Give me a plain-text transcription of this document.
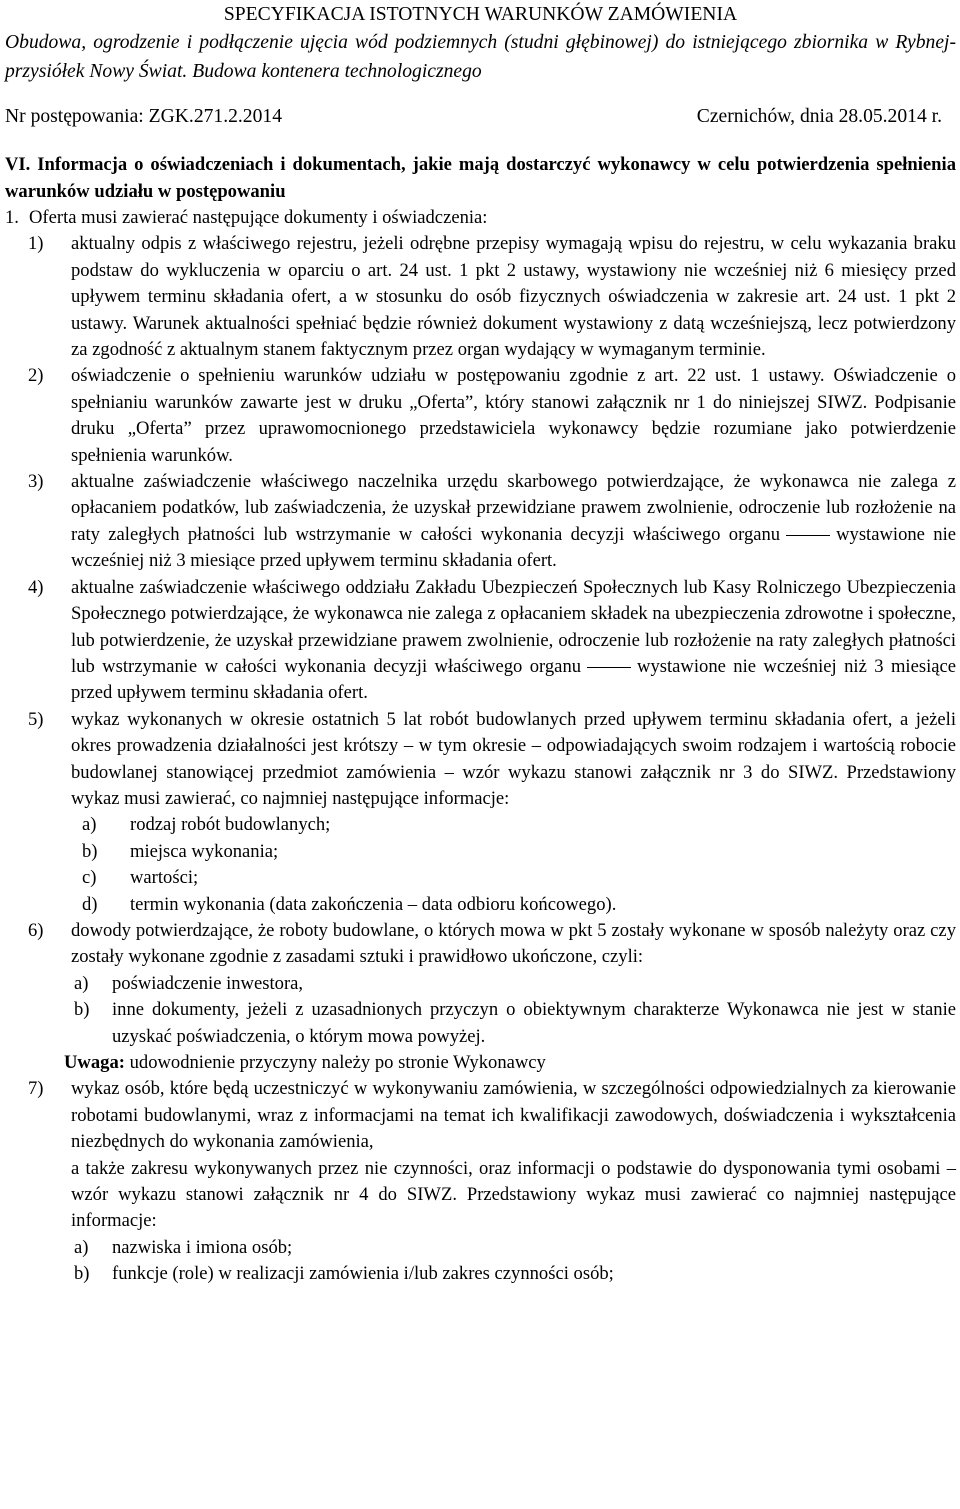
SPECYFIKACJA ISTOTNYCH WARUNKÓW ZAMÓWIENIA
Obudowa, ogrodzenie i podłączenie ujęcia wód podziemnych (studni głębinowej) do istniejącego zbiornika w Rybnej- przysiółek Nowy Świat. Budowa kontenera technologicznego
Nr postępowania: ZGK.271.2.2014	Czernichów, dnia 28.05.2014 r.
VI. Informacja o oświadczeniach i dokumentach, jakie mają dostarczyć wykonawcy w celu potwierdzenia spełnienia warunków udziału w postępowaniu
1. Oferta musi zawierać następujące dokumenty i oświadczenia:
1)	aktualny odpis z właściwego rejestru, jeżeli odrębne przepisy wymagają wpisu do rejestru, w celu wykazania braku podstaw do wykluczenia w oparciu o art. 24 ust. 1 pkt 2 ustawy, wystawiony nie wcześniej niż 6 miesięcy przed upływem terminu składania ofert, a w stosunku do osób fizycznych oświadczenia w zakresie art. 24 ust. 1 pkt 2 ustawy. Warunek aktualności spełniać będzie również dokument wystawiony z datą wcześniejszą, lecz potwierdzony za zgodność z aktualnym stanem faktycznym przez organ wydający w wymaganym terminie.
2)	oświadczenie o spełnieniu warunków udziału w postępowaniu zgodnie z art. 22 ust. 1 ustawy. Oświadczenie o spełnianiu warunków zawarte jest w druku „Oferta”, który stanowi załącznik nr 1 do niniejszej SIWZ. Podpisanie druku „Oferta” przez uprawomocnionego przedstawiciela wykonawcy będzie rozumiane jako potwierdzenie spełnienia warunków.
3)	aktualne zaświadczenie właściwego naczelnika urzędu skarbowego potwierdzające, że wykonawca nie zalega z opłacaniem podatków, lub zaświadczenia, że uzyskał przewidziane prawem zwolnienie, odroczenie lub rozłożenie na raty zaległych płatności lub wstrzymanie w całości wykonania decyzji właściwego organu	wystawione nie wcześniej niż 3 miesiące przed upływem terminu składania ofert.
4)	aktualne zaświadczenie właściwego oddziału Zakładu Ubezpieczeń Społecznych lub Kasy Rolniczego Ubezpieczenia Społecznego potwierdzające, że wykonawca nie zalega z opłacaniem składek na ubezpieczenia zdrowotne i społeczne, lub potwierdzenie, że uzyskał przewidziane prawem zwolnienie, odroczenie lub rozłożenie na raty zaległych płatności lub wstrzymanie w całości wykonania decyzji właściwego organu	wystawione nie wcześniej niż 3 miesiące przed upływem terminu składania ofert.
5)	wykaz wykonanych w okresie ostatnich 5 lat robót budowlanych przed upływem terminu składania ofert, a jeżeli okres prowadzenia działalności jest krótszy – w tym okresie – odpowiadających swoim rodzajem i wartością robocie budowlanej stanowiącej przedmiot zamówienia – wzór wykazu stanowi załącznik nr 3 do SIWZ. Przedstawiony wykaz musi zawierać, co najmniej następujące informacje:
a)	rodzaj robót budowlanych;
b)	miejsca wykonania;
c)	wartości;
d)	termin wykonania (data zakończenia – data odbioru końcowego).
6)	dowody potwierdzające, że roboty budowlane, o których mowa w pkt 5 zostały wykonane w sposób należyty oraz czy zostały wykonane zgodnie z zasadami sztuki i prawidłowo ukończone, czyli:
a)	poświadczenie inwestora,
b)	inne dokumenty, jeżeli z uzasadnionych przyczyn o obiektywnym charakterze Wykonawca nie jest w stanie uzyskać poświadczenia, o którym mowa powyżej.
Uwaga: udowodnienie przyczyny należy po stronie Wykonawcy
7)	wykaz osób, które będą uczestniczyć w wykonywaniu zamówienia, w szczególności odpowiedzialnych za kierowanie robotami budowlanymi, wraz z informacjami na temat ich kwalifikacji zawodowych, doświadczenia i wykształcenia niezbędnych do wykonania zamówienia,
a także zakresu wykonywanych przez nie czynności, oraz informacji o podstawie do dysponowania tymi osobami – wzór wykazu stanowi załącznik nr 4 do SIWZ. Przedstawiony wykaz musi zawierać co najmniej następujące informacje:
a)	nazwiska i imiona osób;
b)	funkcje (role) w realizacji zamówienia i/lub zakres czynności osób;
